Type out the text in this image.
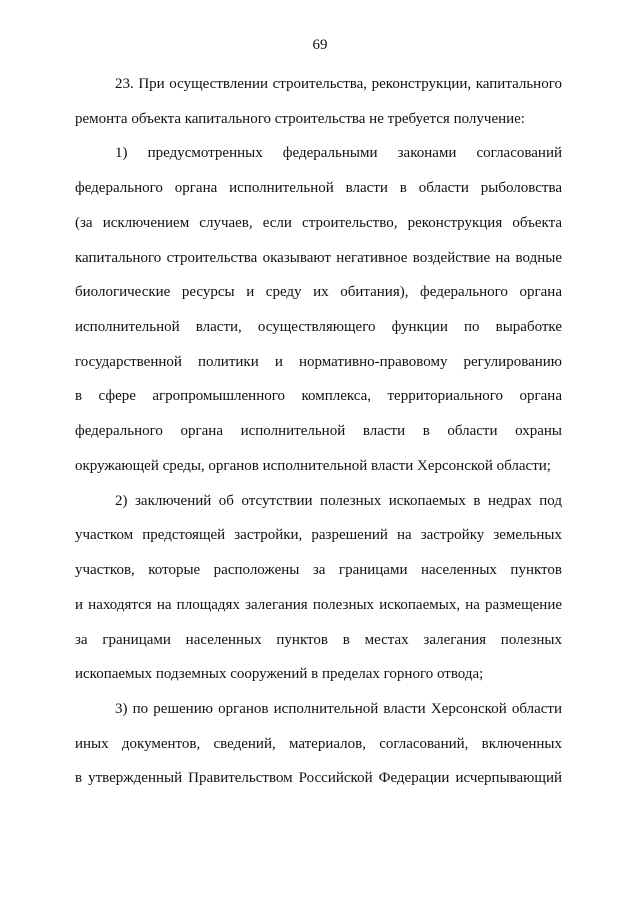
69
23. При осуществлении строительства, реконструкции, капитального
ремонта объекта капитального строительства не требуется получение:
1) предусмотренных федеральными законами согласований
федерального органа исполнительной власти в области рыболовства
(за исключением случаев, если строительство, реконструкция объекта
капитального строительства оказывают негативное воздействие на водные
биологические ресурсы и среду их обитания), федерального органа
исполнительной власти, осуществляющего функции по выработке
государственной политики и нормативно-правовому регулированию
в сфере агропромышленного комплекса, территориального органа
федерального органа исполнительной власти в области охраны
окружающей среды, органов исполнительной власти Херсонской области;
2) заключений об отсутствии полезных ископаемых в недрах под
участком предстоящей застройки, разрешений на застройку земельных
участков, которые расположены за границами населенных пунктов
и находятся на площадях залегания полезных ископаемых, на размещение
за границами населенных пунктов в местах залегания полезных
ископаемых подземных сооружений в пределах горного отвода;
3) по решению органов исполнительной власти Херсонской области
иных документов, сведений, материалов, согласований, включенных
в утвержденный Правительством Российской Федерации исчерпывающий
